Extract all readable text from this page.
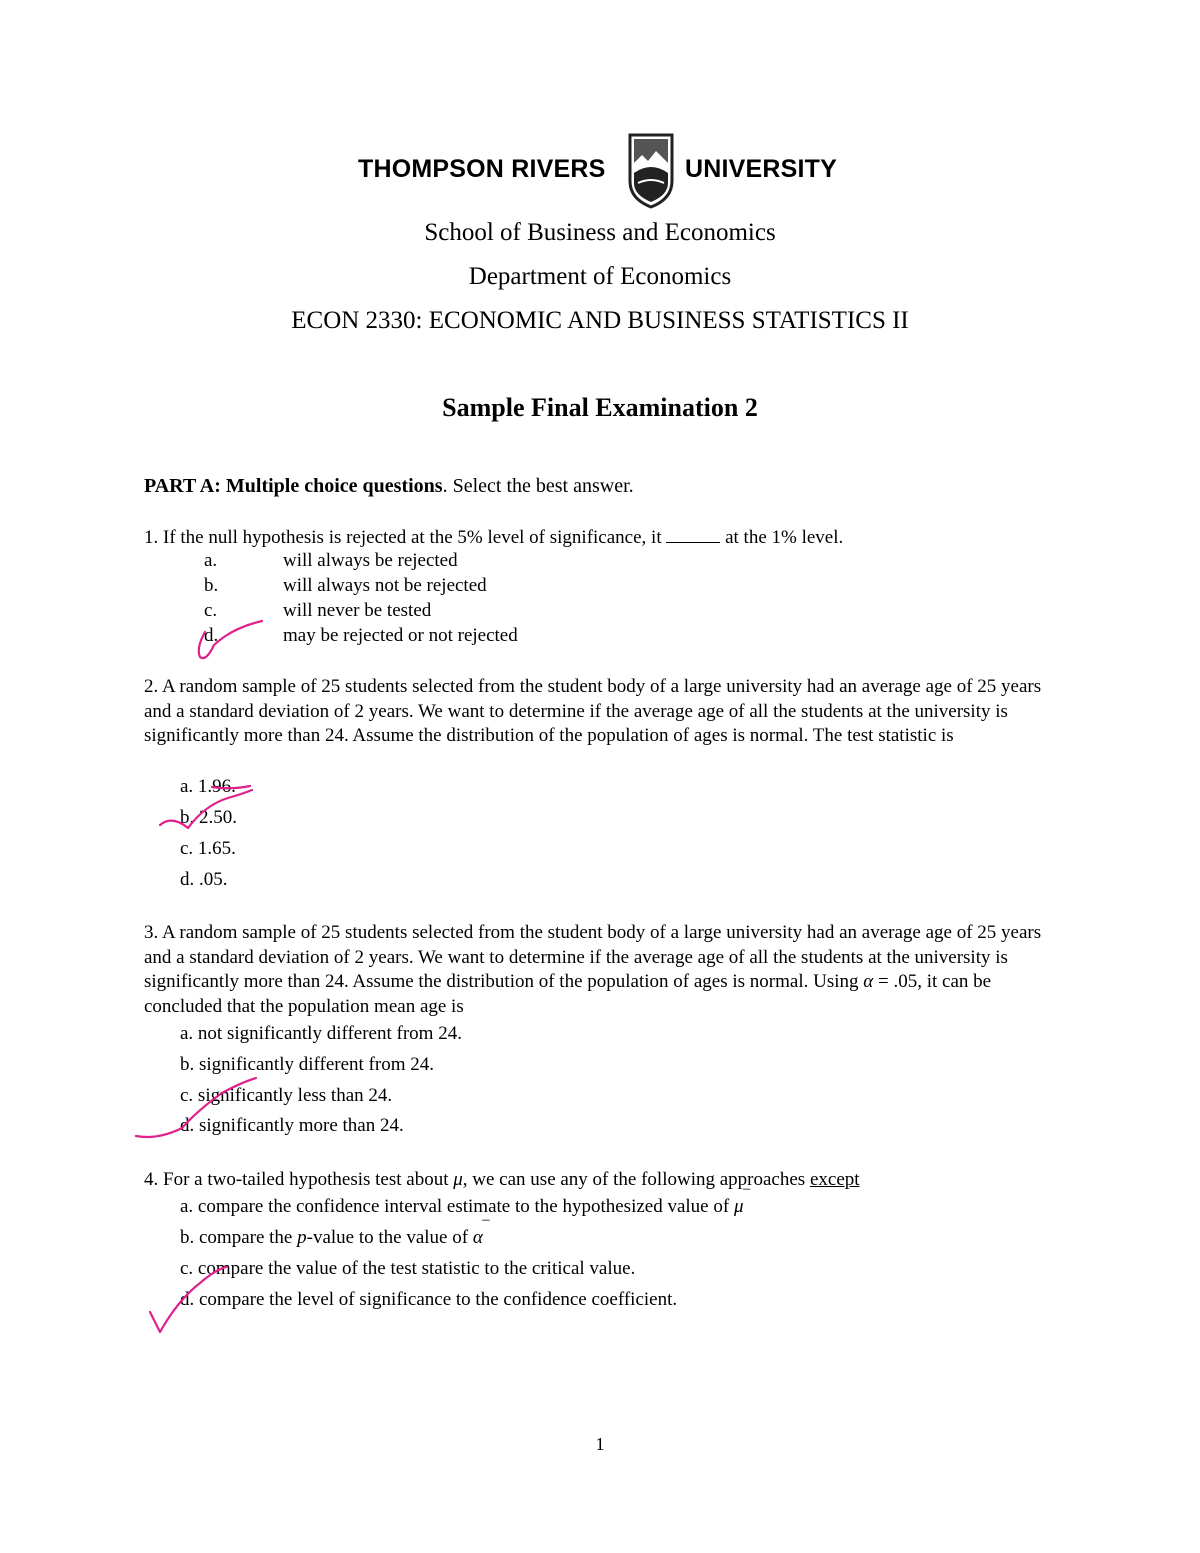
THOMPSON RIVERS	UNIVERSITY
School of Business and Economics
Department of Economics
ECON 2330: ECONOMIC AND BUSINESS STATISTICS II
Sample Final Examination 2
PART A: Multiple choice questions. Select the best answer.
1. If the null hypothesis is rejected at the 5% level of significance, it	at the 1% level.
a.	will always be rejected
b.	will always not be rejected
c.	will never be tested
d.	may be rejected or not rejected
2. A random sample of 25 students selected from the student body of a large university had an average age of 25 years and a standard deviation of 2 years. We want to determine if the average age of all the students at the university is significantly more than 24. Assume the distribution of the population of ages is normal. The test statistic is
a. 1.96.
b. 2.50.
c. 1.65.
d. .05.
3. A random sample of 25 students selected from the student body of a large university had an average age of 25 years and a standard deviation of 2 years. We want to determine if the average age of all the students at the university is significantly more than 24. Assume the distribution of the population of ages is normal. Using α = .05, it can be concluded that the population mean age is
a. not significantly different from 24.
b. significantly different from 24.
c. significantly less than 24.
d. significantly more than 24.
4. For a two-tailed hypothesis test about μ, we can use any of the following approaches except
a. compare the confidence interval estimate to the hypothesized value of μ‾
b. compare the p-value to the value of α‾
c. compare the value of the test statistic to the critical value.
d. compare the level of significance to the confidence coefficient.
1
